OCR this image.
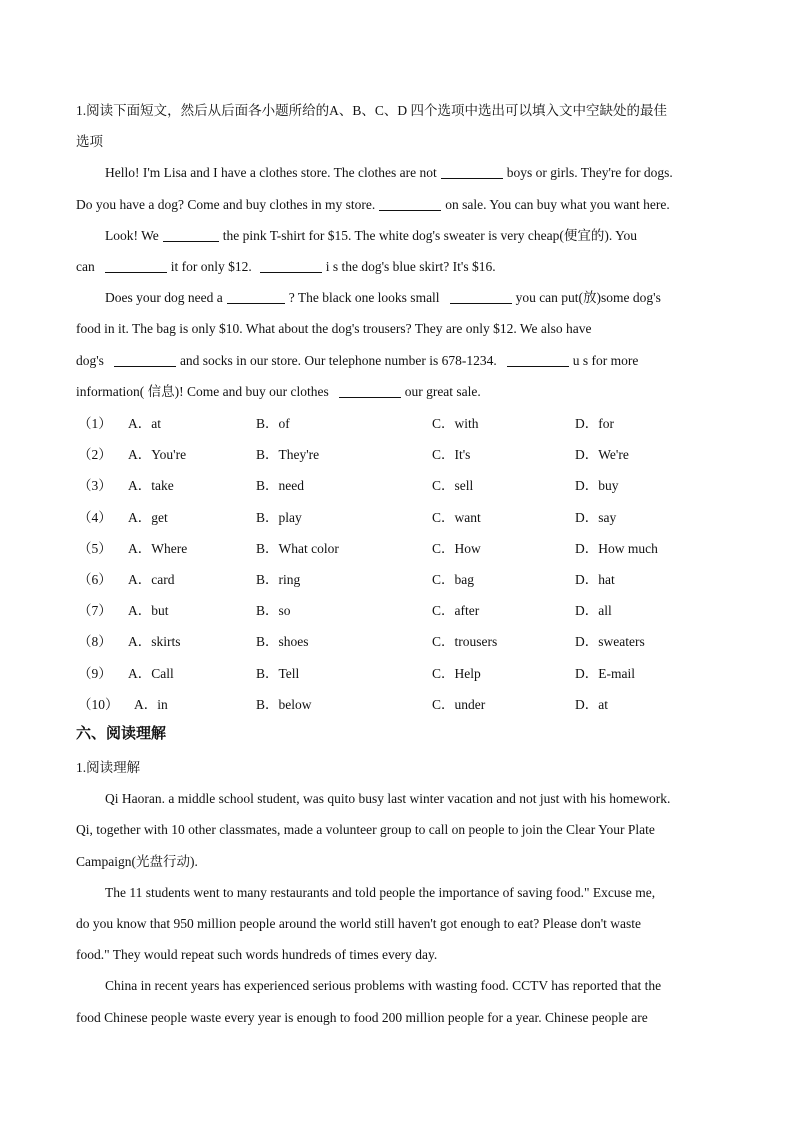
1.阅读下面短文，然后从后面各小题所给的A、B、C、D 四个选项中选出可以填入文中空缺处的最佳
选项
Hello! I'm Lisa and I have a clothes store. The clothes are not	boys or girls. They're for dogs.
Do you have a dog? Come and buy clothes in my store.	on sale. You can buy what you want here.
Look! We	the pink T-shirt for $15. The white dog's sweater is very cheap(便宜的). You
can	it for only $12.	i s the dog's blue skirt? It's $16.
Does your dog need a	? The black one looks small	you can put(放)some dog's
food in it. The bag is only $10. What about the dog's trousers? They are only $12. We also have
dog's	and socks in our store. Our telephone number is 678-1234.	u s for more
information( 信息)! Come and buy our clothes	our great sale.
（1） A．at	B．of	C．with	D．for
（2） A．You're	B．They're	C．It's	D．We're
（3） A．take	B．need	C．sell	D．buy
（4） A．get	B．play	C．want	D．say
（5） A．Where	B．What color	C．How	D．How much
（6） A．card	B．ring	C．bag	D．hat
（7） A．but	B．so	C．after	D．all
（8） A．skirts	B．shoes	C．trousers	D．sweaters
（9） A．Call	B．Tell	C．Help	D．E-mail
（10） A．in	B．below	C．under	D．at
六、阅读理解
1.阅读理解
Qi Haoran. a middle school student, was quito busy last winter vacation and not just with his homework.
Qi, together with 10 other classmates, made a volunteer group to call on people to join the Clear Your Plate
Campaign(光盘行动).
The 11 students went to many restaurants and told people the importance of saving food." Excuse me,
do you know that 950 million people around the world still haven't got enough to eat? Please don't waste
food." They would repeat such words hundreds of times every day.
China in recent years has experienced serious problems with wasting food. CCTV has reported that the
food Chinese people waste every year is enough to food 200 million people for a year. Chinese people are
